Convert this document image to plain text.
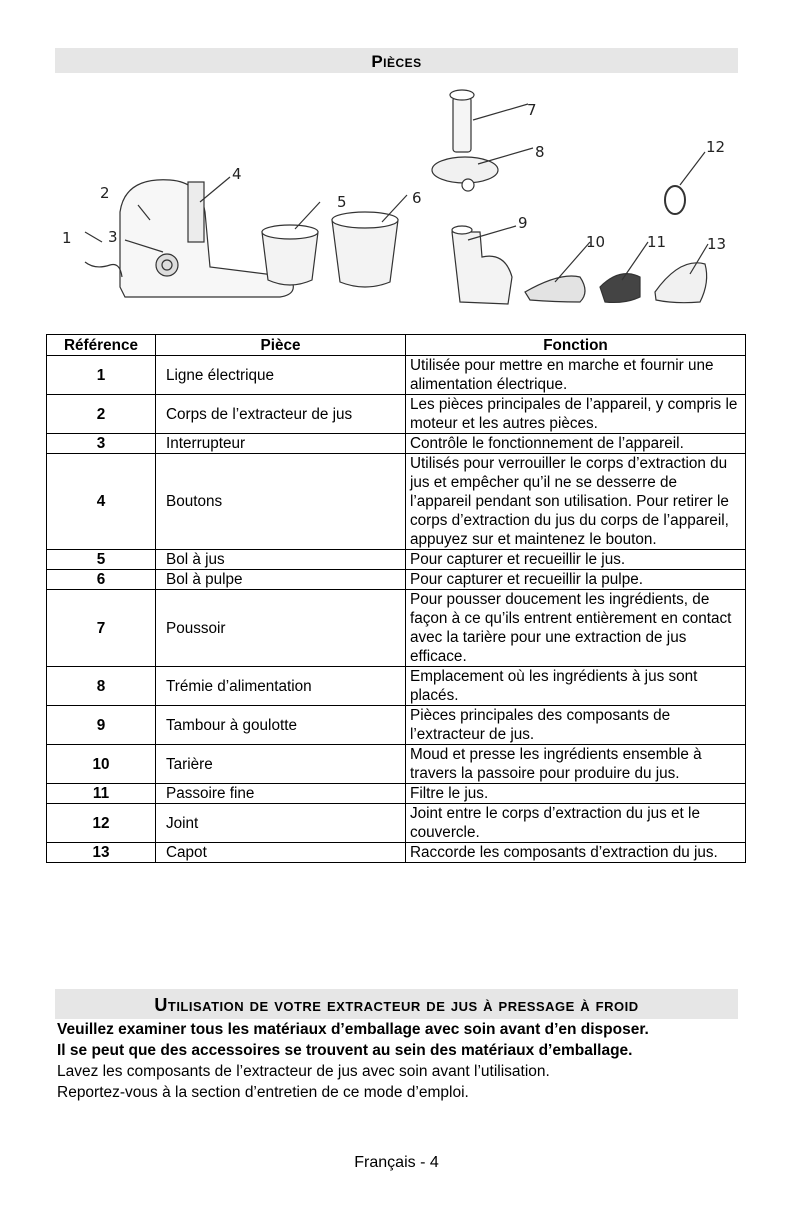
Pièces
1
2
3
4
5	6
7
8
9
10	11
12
13
Référence	Pièce	Fonction
1	Ligne électrique	Utilisée pour mettre en marche et fournir une alimentation électrique.
2	Corps de l’extracteur de jus	Les pièces principales de l’appareil, y compris le moteur et les autres pièces.
3	Interrupteur	Contrôle le fonctionnement de l’appareil.
4	Boutons	Utilisés pour verrouiller le corps d’extraction du jus et empêcher qu’il ne se desserre de l’appareil pendant son utilisation. Pour retirer le corps d’extraction du jus du corps de l’appareil, appuyez sur et maintenez le bouton.
5	Bol à jus	Pour capturer et recueillir le jus.
6	Bol à pulpe	Pour capturer et recueillir la pulpe.
7	Poussoir	Pour pousser doucement les ingrédients, de façon à ce qu’ils entrent entièrement en contact avec la tarière pour une extraction de jus efficace.
8	Trémie d’alimentation	Emplacement où les ingrédients à jus sont placés.
9	Tambour à goulotte	Pièces principales des composants de l’extracteur de jus.
10	Tarière	Moud et presse les ingrédients ensemble à travers la passoire pour produire du jus.
11	Passoire fine	Filtre le jus.
12	Joint	Joint entre le corps d’extraction du jus et le couvercle.
13	Capot	Raccorde les composants d’extraction du jus.
Utilisation de votre extracteur de jus à pressage à froid
Veuillez examiner tous les matériaux d’emballage avec soin avant d’en disposer.
Il se peut que des accessoires se trouvent au sein des matériaux d’emballage.
Lavez les composants de l’extracteur de jus avec soin avant l’utilisation.
Reportez-vous à la section d’entretien de ce mode d’emploi.
Français - 4
